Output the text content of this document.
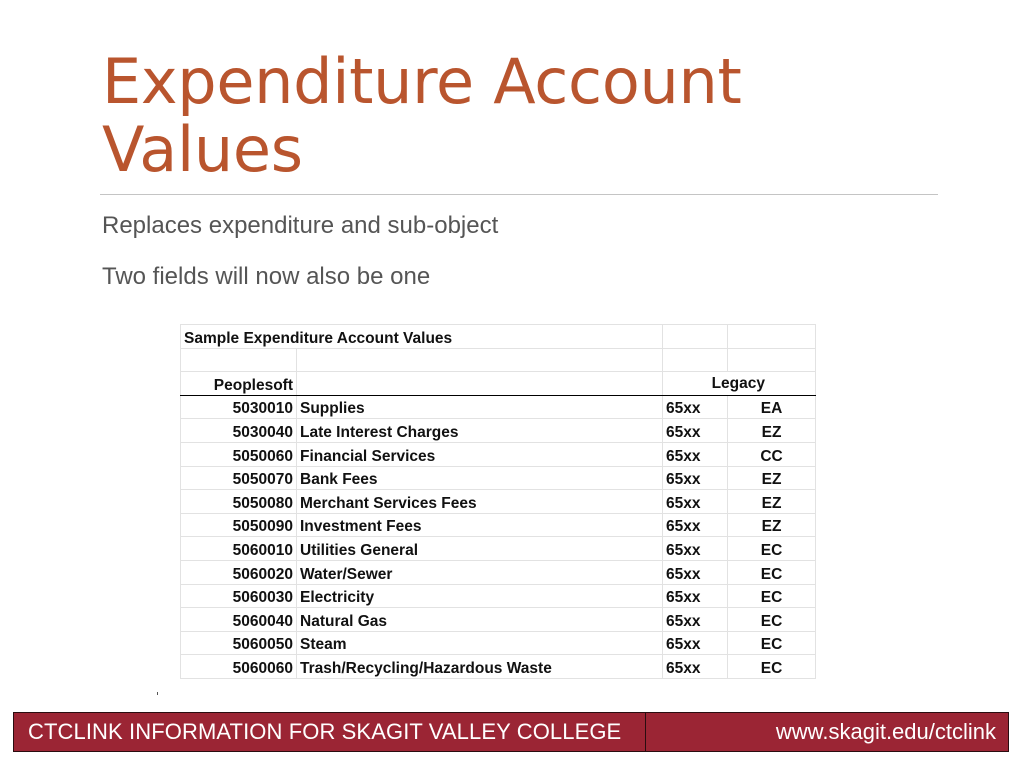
Expenditure Account Values

Replaces expenditure and sub-object

Two fields will now also be one

Sample Expenditure Account Values			

Peoplesoft			Legacy

5030010	Supplies	65xx	EA
5030040	Late Interest Charges	65xx	EZ
5050060	Financial Services	65xx	CC
5050070	Bank Fees	65xx	EZ
5050080	Merchant Services Fees	65xx	EZ
5050090	Investment Fees	65xx	EZ
5060010	Utilities General	65xx	EC
5060020	Water/Sewer	65xx	EC
5060030	Electricity	65xx	EC
5060040	Natural Gas	65xx	EC
5060050	Steam	65xx	EC
5060060	Trash/Recycling/Hazardous Waste	65xx	EC
CTCLINK INFORMATION FOR SKAGIT VALLEY COLLEGE	www.skagit.edu/ctclink
